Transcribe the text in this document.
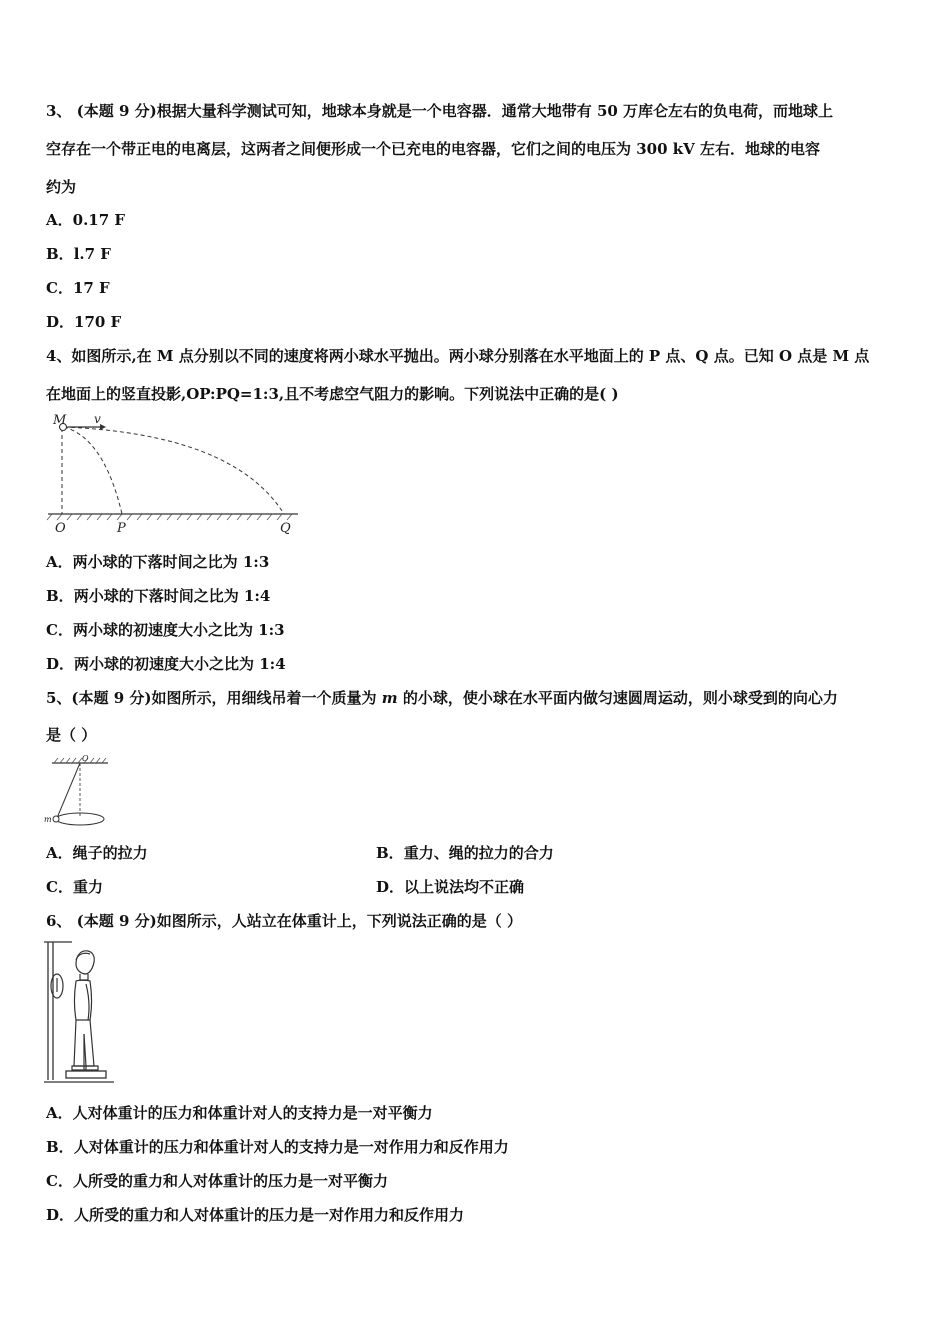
3、 (本题 9 分)根据大量科学测试可知，地球本身就是一个电容器．通常大地带有 50 万库仑左右的负电荷，而地球上
空存在一个带正电的电离层，这两者之间便形成一个已充电的电容器，它们之间的电压为 300 kV 左右．地球的电容
约为
A．0.17 F
B．l.7 F
C．17 F
D．170 F
4、如图所示,在 M 点分别以不同的速度将两小球水平抛出。两小球分别落在水平地面上的 P 点、Q 点。已知 O 点是 M 点
在地面上的竖直投影,OP:PQ=1:3,且不考虑空气阻力的影响。下列说法中正确的是( )
M v
O	P	Q
A．两小球的下落时间之比为 1:3
B．两小球的下落时间之比为 1:4
C．两小球的初速度大小之比为 1:3
D．两小球的初速度大小之比为 1:4
5、(本题 9 分)如图所示，用细线吊着一个质量为 m 的小球，使小球在水平面内做匀速圆周运动，则小球受到的向心力
是（ ）
O
m
A．绳子的拉力	B．重力、绳的拉力的合力
C．重力	D．以上说法均不正确
6、 (本题 9 分)如图所示，人站立在体重计上，下列说法正确的是（ ）
A．人对体重计的压力和体重计对人的支持力是一对平衡力
B．人对体重计的压力和体重计对人的支持力是一对作用力和反作用力
C．人所受的重力和人对体重计的压力是一对平衡力
D．人所受的重力和人对体重计的压力是一对作用力和反作用力
